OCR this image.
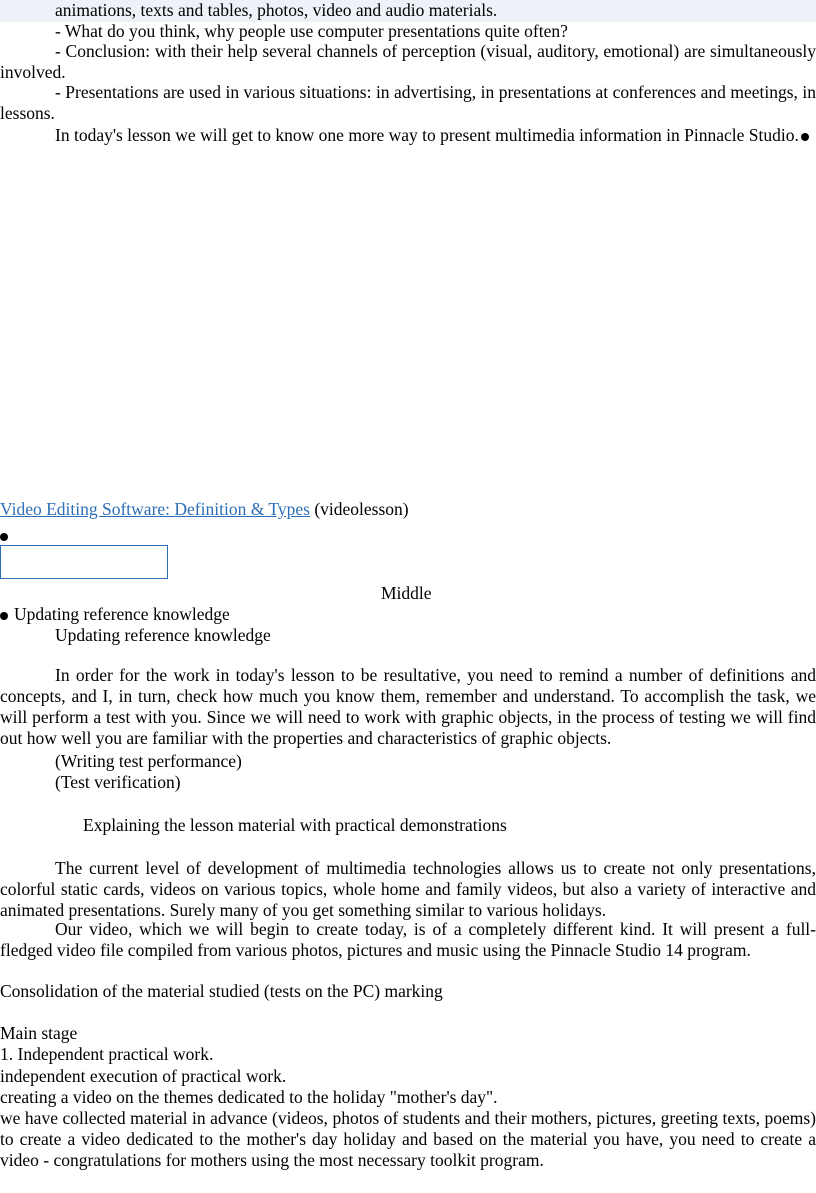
animations, texts and tables, photos, video and audio materials.
- What do you think, why people use computer presentations quite often?
- Conclusion: with their help several channels of perception (visual, auditory, emotional) are simultaneously involved.
- Presentations are used in various situations: in advertising, in presentations at conferences and meetings, in lessons.
In today's lesson we will get to know one more way to present multimedia information in Pinnacle Studio.
Video Editing Software: Definition & Types (videolesson)
Middle
Updating reference knowledge
Updating reference knowledge
In order for the work in today's lesson to be resultative, you need to remind a number of definitions and concepts, and I, in turn, check how much you know them, remember and understand. To accomplish the task, we will perform a test with you. Since we will need to work with graphic objects, in the process of testing we will find out how well you are familiar with the properties and characteristics of graphic objects.
(Writing test performance)
(Test verification)
Explaining the lesson material with practical demonstrations
The current level of development of multimedia technologies allows us to create not only presentations, colorful static cards, videos on various topics, whole home and family videos, but also a variety of interactive and animated presentations. Surely many of you get something similar to various holidays.
Our video, which we will begin to create today, is of a completely different kind. It will present a full-fledged video file compiled from various photos, pictures and music using the Pinnacle Studio 14 program.
Consolidation of the material studied (tests on the PC) marking
Main stage
1. Independent practical work.
independent execution of practical work.
creating a video on the themes dedicated to the holiday "mother's day".
we have collected material in advance (videos, photos of students and their mothers, pictures, greeting texts, poems) to create a video dedicated to the mother's day holiday and based on the material you have, you need to create a video - congratulations for mothers using the most necessary toolkit program.
